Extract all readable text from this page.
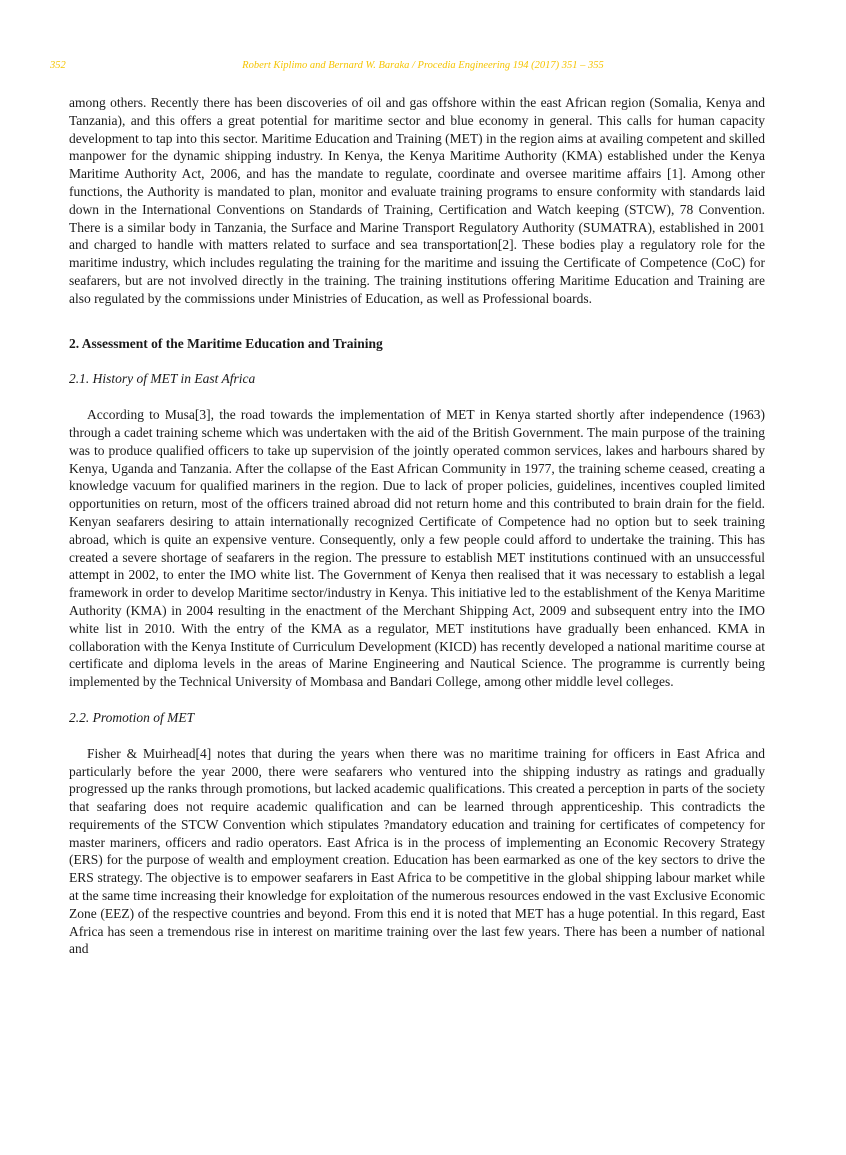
352	Robert Kiplimo and Bernard W. Baraka / Procedia Engineering 194 (2017) 351 – 355

among others. Recently there has been discoveries of oil and gas offshore within the east African region (Somalia, Kenya and Tanzania), and this offers a great potential for maritime sector and blue economy in general. This calls for human capacity development to tap into this sector. Maritime Education and Training (MET) in the region aims at availing competent and skilled manpower for the dynamic shipping industry. In Kenya, the Kenya Maritime Authority (KMA) established under the Kenya Maritime Authority Act, 2006, and has the mandate to regulate, coordinate and oversee maritime affairs [1]. Among other functions, the Authority is mandated to plan, monitor and evaluate training programs to ensure conformity with standards laid down in the International Conventions on Standards of Training, Certification and Watch keeping (STCW), 78 Convention. There is a similar body in Tanzania, the Surface and Marine Transport Regulatory Authority (SUMATRA), established in 2001 and charged to handle with matters related to surface and sea transportation[2]. These bodies play a regulatory role for the maritime industry, which includes regulating the training for the maritime and issuing the Certificate of Competence (CoC) for seafarers, but are not involved directly in the training. The training institutions offering Maritime Education and Training are also regulated by the commissions under Ministries of Education, as well as Professional boards.

2. Assessment of the Maritime Education and Training
2.1. History of MET in East Africa

According to Musa[3], the road towards the implementation of MET in Kenya started shortly after independence (1963) through a cadet training scheme which was undertaken with the aid of the British Government. The main purpose of the training was to produce qualified officers to take up supervision of the jointly operated common services, lakes and harbours shared by Kenya, Uganda and Tanzania. After the collapse of the East African Community in 1977, the training scheme ceased, creating a knowledge vacuum for qualified mariners in the region. Due to lack of proper policies, guidelines, incentives coupled limited opportunities on return, most of the officers trained abroad did not return home and this contributed to brain drain for the field. Kenyan seafarers desiring to attain internationally recognized Certificate of Competence had no option but to seek training abroad, which is quite an expensive venture. Consequently, only a few people could afford to undertake the training. This has created a severe shortage of seafarers in the region. The pressure to establish MET institutions continued with an unsuccessful attempt in 2002, to enter the IMO white list. The Government of Kenya then realised that it was necessary to establish a legal framework in order to develop Maritime sector/industry in Kenya. This initiative led to the establishment of the Kenya Maritime Authority (KMA) in 2004 resulting in the enactment of the Merchant Shipping Act, 2009 and subsequent entry into the IMO white list in 2010. With the entry of the KMA as a regulator, MET institutions have gradually been enhanced. KMA in collaboration with the Kenya Institute of Curriculum Development (KICD) has recently developed a national maritime course at certificate and diploma levels in the areas of Marine Engineering and Nautical Science. The programme is currently being implemented by the Technical University of Mombasa and Bandari College, among other middle level colleges.

2.2. Promotion of MET

Fisher & Muirhead[4] notes that during the years when there was no maritime training for officers in East Africa and particularly before the year 2000, there were seafarers who ventured into the shipping industry as ratings and gradually progressed up the ranks through promotions, but lacked academic qualifications. This created a perception in parts of the society that seafaring does not require academic qualification and can be learned through apprenticeship. This contradicts the requirements of the STCW Convention which stipulates ?mandatory education and training for certificates of competency for master mariners, officers and radio operators. East Africa is in the process of implementing an Economic Recovery Strategy (ERS) for the purpose of wealth and employment creation. Education has been earmarked as one of the key sectors to drive the ERS strategy. The objective is to empower seafarers in East Africa to be competitive in the global shipping labour market while at the same time increasing their knowledge for exploitation of the numerous resources endowed in the vast Exclusive Economic Zone (EEZ) of the respective countries and beyond. From this end it is noted that MET has a huge potential. In this regard, East Africa has seen a tremendous rise in interest on maritime training over the last few years. There has been a number of national and
